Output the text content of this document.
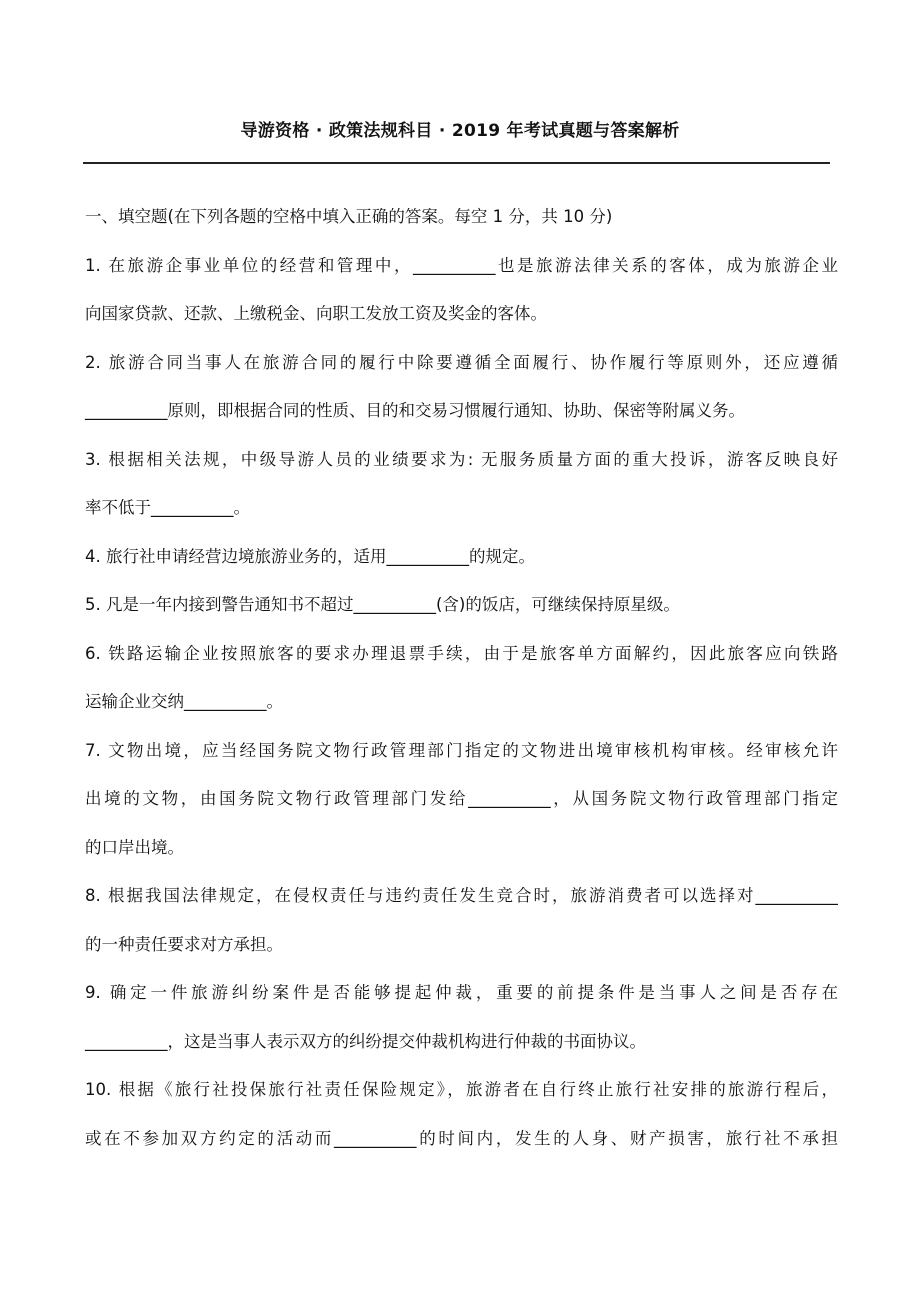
导游资格 · 政策法规科目 · 2019 年考试真题与答案解析
一、填空题(在下列各题的空格中填入正确的答案。每空 1 分，共 10 分)
1. 在旅游企事业单位的经营和管理中，__________也是旅游法律关系的客体，成为旅游企业
向国家贷款、还款、上缴税金、向职工发放工资及奖金的客体。
2. 旅游合同当事人在旅游合同的履行中除要遵循全面履行、协作履行等原则外，还应遵循
__________原则，即根据合同的性质、目的和交易习惯履行通知、协助、保密等附属义务。
3. 根据相关法规，中级导游人员的业绩要求为: 无服务质量方面的重大投诉，游客反映良好
率不低于__________。
4. 旅行社申请经营边境旅游业务的，适用__________的规定。
5. 凡是一年内接到警告通知书不超过__________(含)的饭店，可继续保持原星级。
6. 铁路运输企业按照旅客的要求办理退票手续，由于是旅客单方面解约，因此旅客应向铁路
运输企业交纳__________。
7. 文物出境，应当经国务院文物行政管理部门指定的文物进出境审核机构审核。经审核允许
出境的文物，由国务院文物行政管理部门发给__________，从国务院文物行政管理部门指定
的口岸出境。
8. 根据我国法律规定，在侵权责任与违约责任发生竞合时，旅游消费者可以选择对__________
的一种责任要求对方承担。
9. 确定一件旅游纠纷案件是否能够提起仲裁，重要的前提条件是当事人之间是否存在
__________，这是当事人表示双方的纠纷提交仲裁机构进行仲裁的书面协议。
10. 根据《旅行社投保旅行社责任保险规定》，旅游者在自行终止旅行社安排的旅游行程后，
或在不参加双方约定的活动而__________的时间内，发生的人身、财产损害，旅行社不承担
